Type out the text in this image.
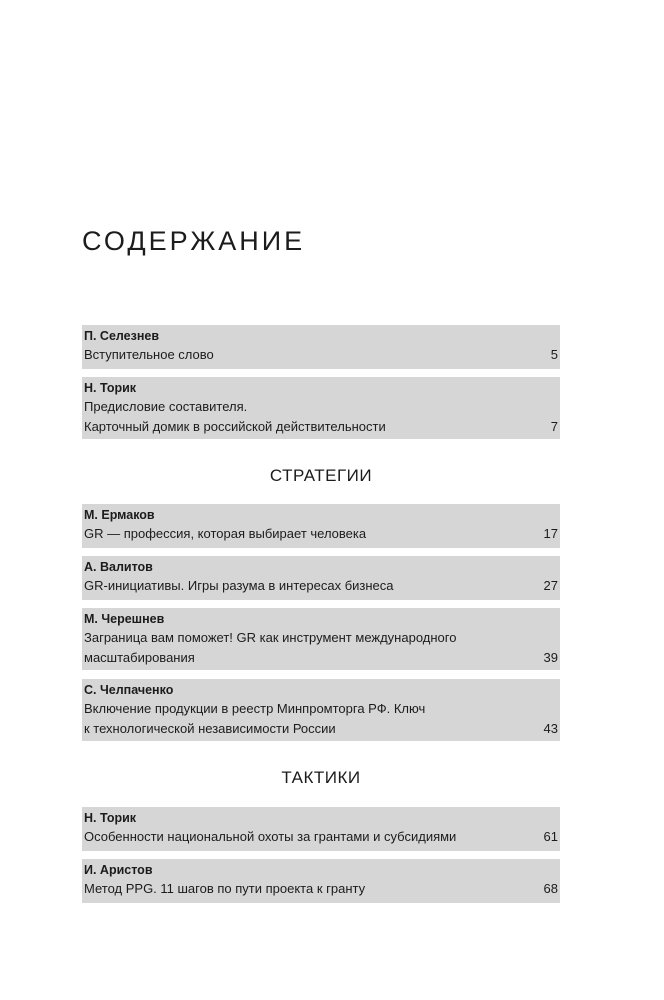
СОДЕРЖАНИЕ
П. Селезнев
Вступительное слово	5
Н. Торик
Предисловие составителя.
Карточный домик в российской действительности	7
СТРАТЕГИИ
М. Ермаков
GR — профессия, которая выбирает человека	17
А. Валитов
GR-инициативы. Игры разума в интересах бизнеса	27
М. Черешнев
Заграница вам поможет! GR как инструмент международного
масштабирования	39
С. Челпаченко
Включение продукции в реестр Минпромторга РФ. Ключ
к технологической независимости России	43
ТАКТИКИ
Н. Торик
Особенности национальной охоты за грантами и субсидиями	61
И. Аристов
Метод PPG. 11 шагов по пути проекта к гранту	68
